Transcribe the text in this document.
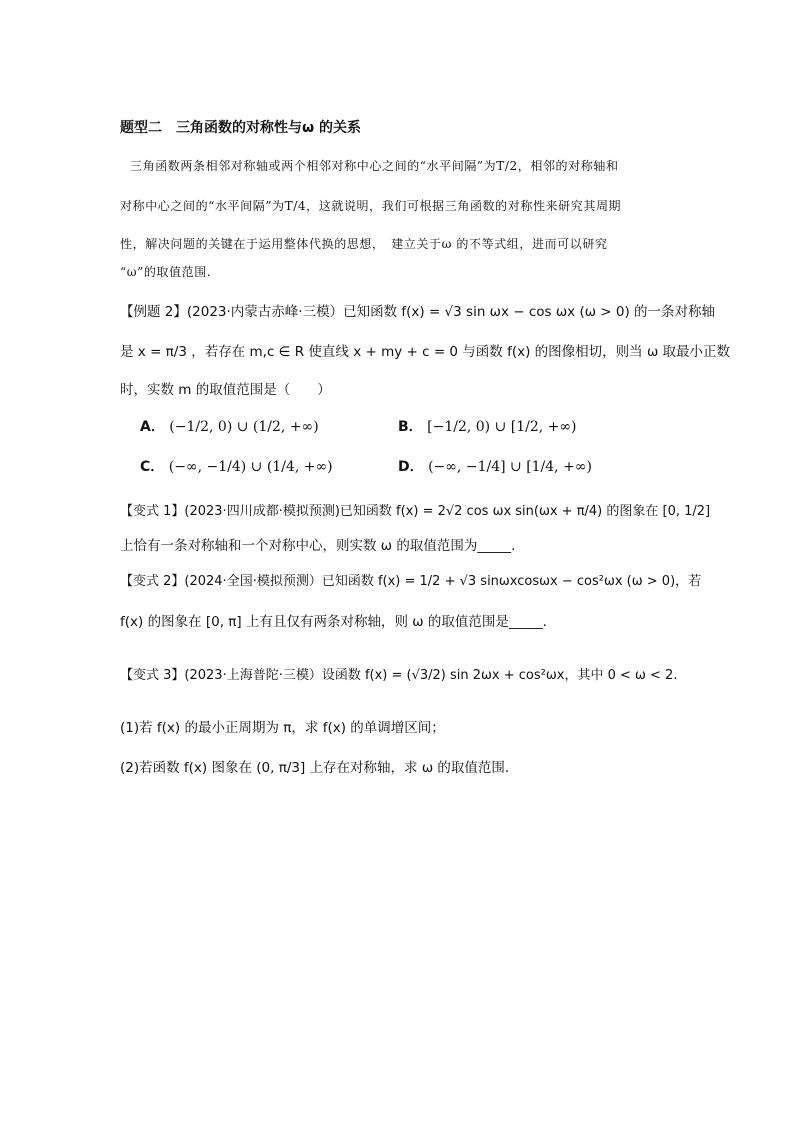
题型二　三角函数的对称性与ω 的关系
三角函数两条相邻对称轴或两个相邻对称中心之间的“水平间隔”为T/2，相邻的对称轴和
对称中心之间的“水平间隔”为T/4，这就说明，我们可根据三角函数的对称性来研究其周期
性，解决问题的关键在于运用整体代换的思想，　建立关于ω 的不等式组，进而可以研究
“ω”的取值范围.
【例题 2】(2023·内蒙古赤峰·三模）已知函数 f(x) = √3 sin ωx − cos ωx (ω > 0) 的一条对称轴
是 x = π/3 ，若存在 m,c ∈ R 使直线 x + my + c = 0 与函数 f(x) 的图像相切，则当 ω 取最小正数
时，实数 m 的取值范围是（　　）
A． (−1/2, 0) ∪ (1/2, +∞)	B． [−1/2, 0) ∪ [1/2, +∞)
C． (−∞, −1/4) ∪ (1/4, +∞)	D． (−∞, −1/4] ∪ [1/4, +∞)
【变式 1】(2023·四川成都·模拟预测)已知函数 f(x) = 2√2 cos ωx sin(ωx + π/4) 的图象在 [0, 1/2]
上恰有一条对称轴和一个对称中心，则实数 ω 的取值范围为_____.
【变式 2】(2024·全国·模拟预测）已知函数 f(x) = 1/2 + √3 sinωxcosωx − cos²ωx (ω > 0)，若
f(x) 的图象在 [0, π] 上有且仅有两条对称轴，则 ω 的取值范围是_____.
【变式 3】(2023·上海普陀·三模）设函数 f(x) = (√3/2) sin 2ωx + cos²ωx，其中 0 < ω < 2.
(1)若 f(x) 的最小正周期为 π，求 f(x) 的单调增区间；
(2)若函数 f(x) 图象在 (0, π/3] 上存在对称轴，求 ω 的取值范围.
